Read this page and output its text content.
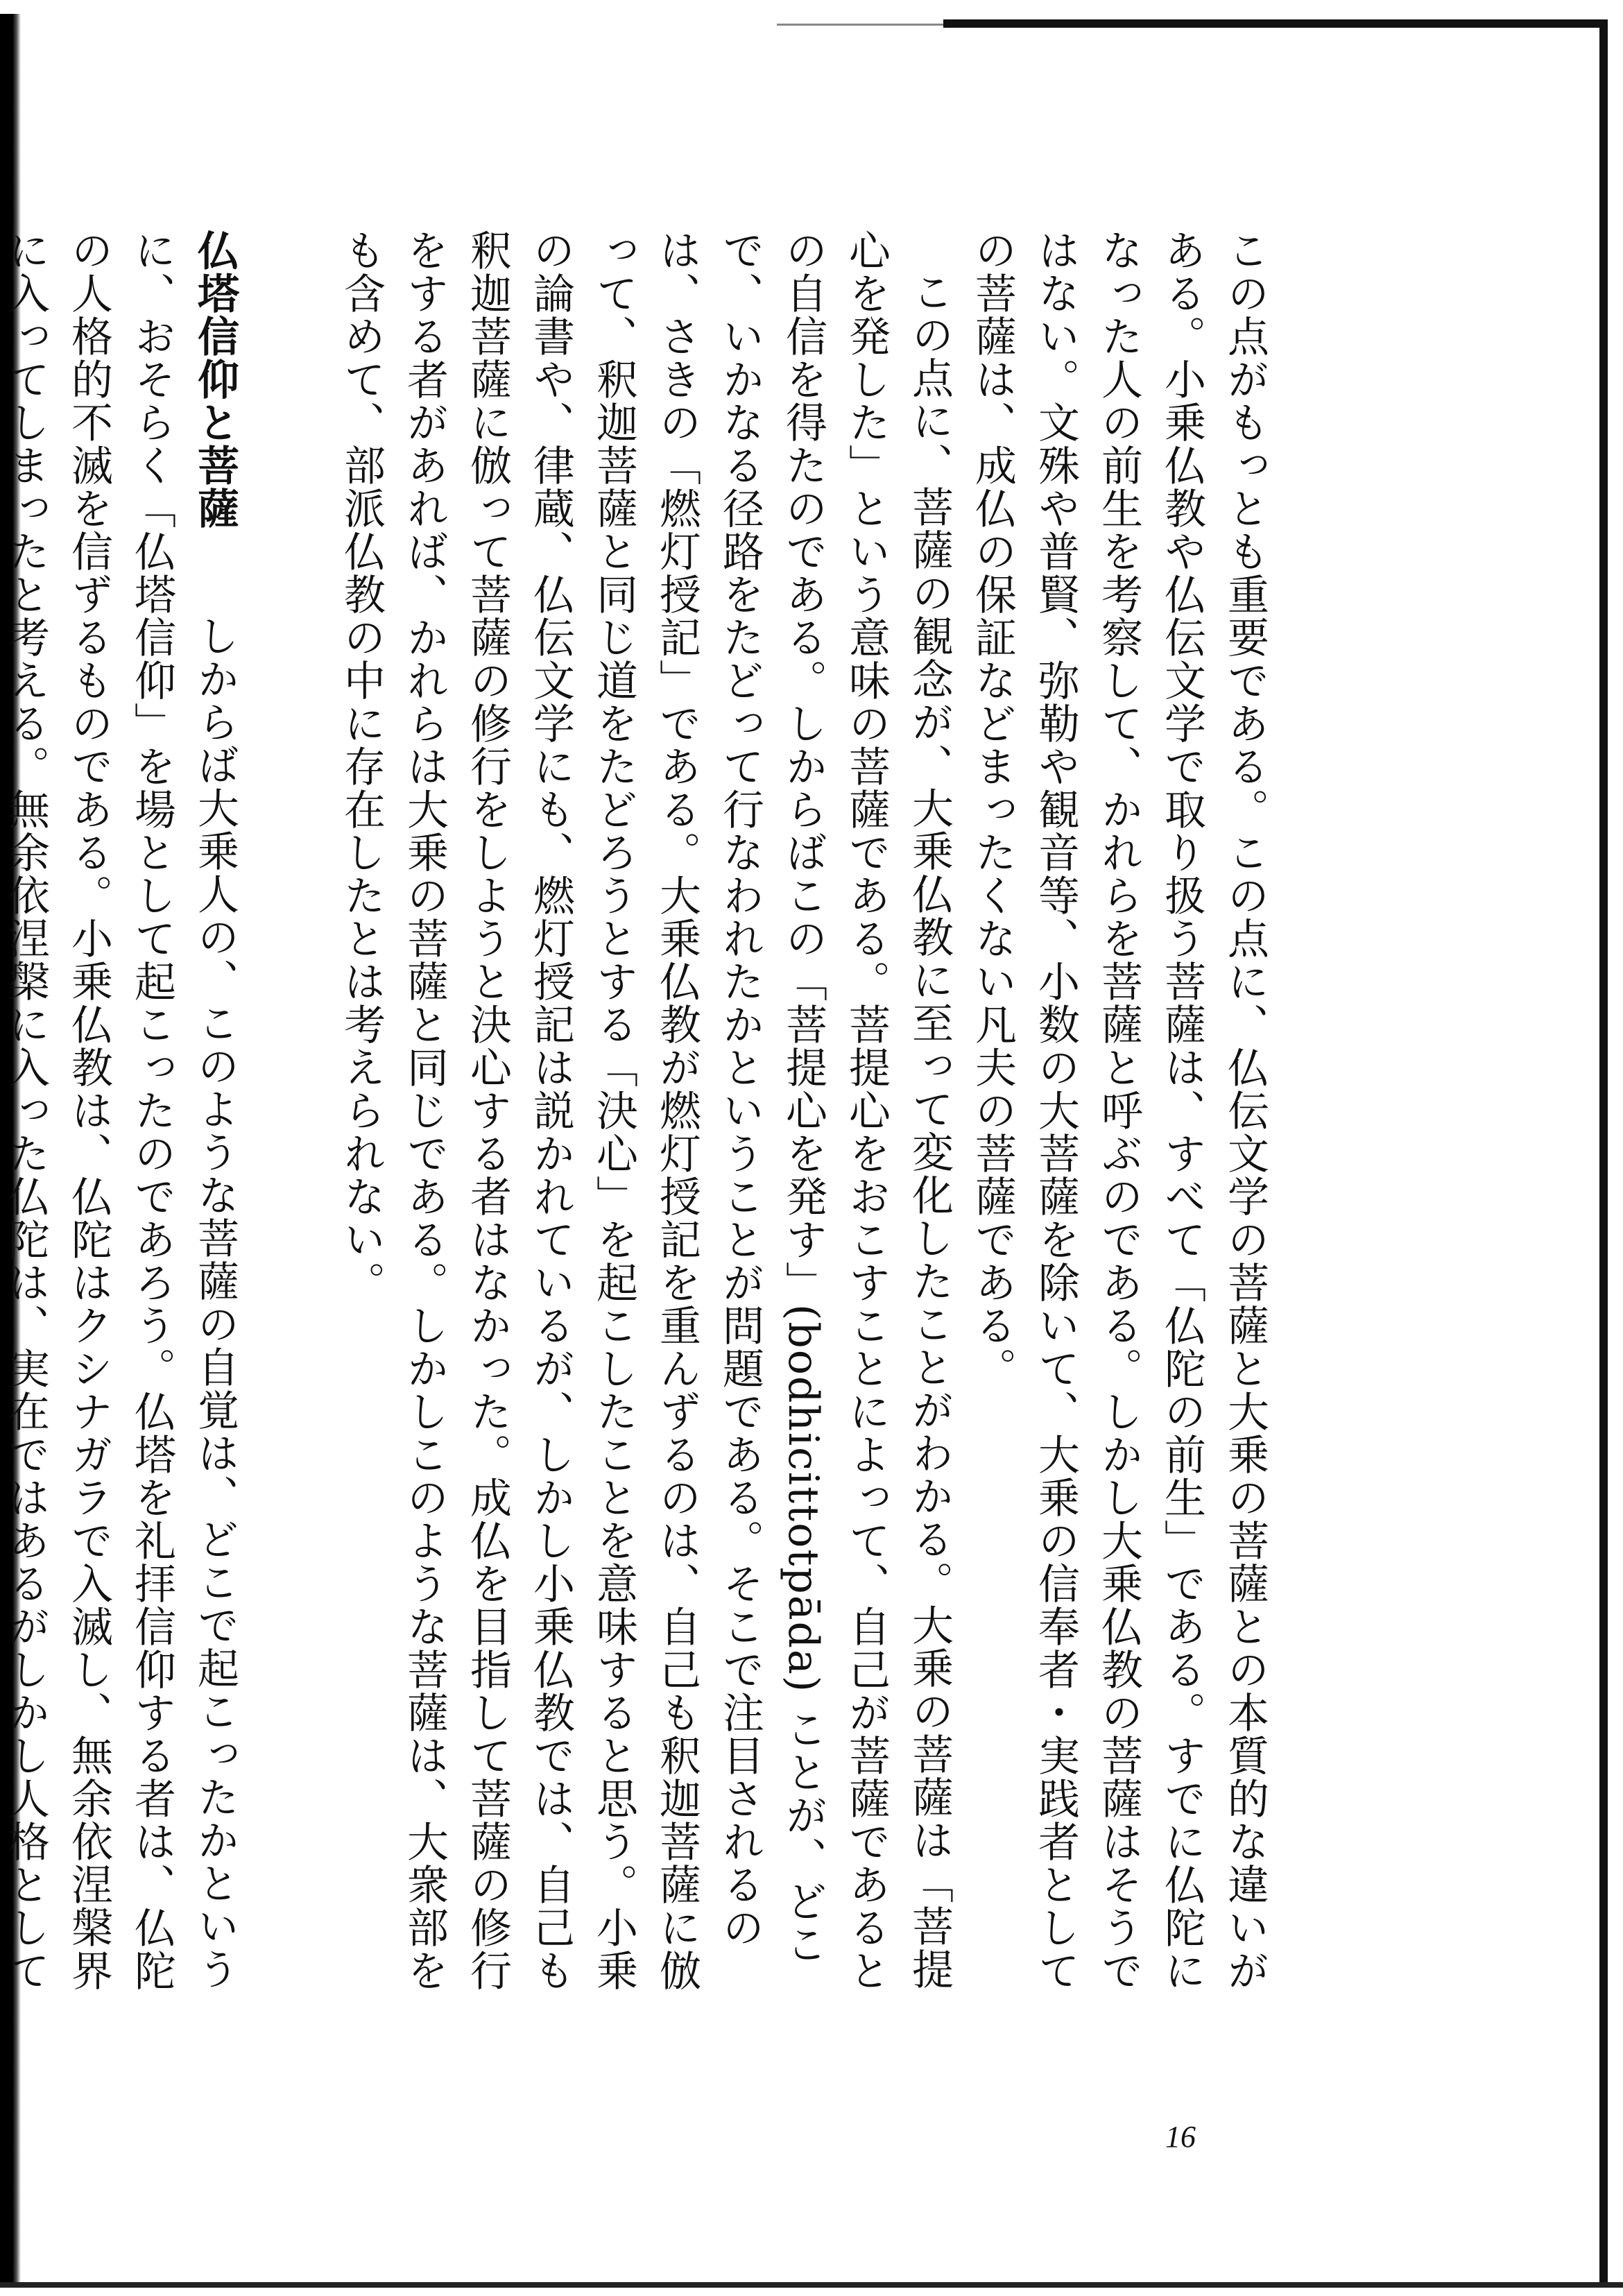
この点がもっとも重要である。この点に、仏伝文学の菩薩と大乗の菩薩との本質的な違いがある。小乗仏教や仏伝文学で取り扱う菩薩は、すべて「仏陀の前生」である。すでに仏陀になった人の前生を考察して、かれらを菩薩と呼ぶのである。しかし大乗仏教の菩薩はそうではない。文殊や普賢、弥勒や観音等、小数の大菩薩を除いて、大乗の信奉者・実践者としての菩薩は、成仏の保証などまったくない凡夫の菩薩である。

この点に、菩薩の観念が、大乗仏教に至って変化したことがわかる。大乗の菩薩は「菩提心を発した」という意味の菩薩である。菩提心をおこすことによって、自己が菩薩であるとの自信を得たのである。しからばこの「菩提心を発す」(bodhicittotpāda) ことが、どこで、いかなる径路をたどって行なわれたかということが問題である。そこで注目されるのは、さきの「燃灯授記」である。大乗仏教が燃灯授記を重んずるのは、自己も釈迦菩薩に倣って、釈迦菩薩と同じ道をたどろうとする「決心」を起こしたことを意味すると思う。小乗の論書や、律蔵、仏伝文学にも、燃灯授記は説かれているが、しかし小乗仏教では、自己も釈迦菩薩に倣って菩薩の修行をしようと決心する者はなかった。成仏を目指して菩薩の修行をする者があれば、かれらは大乗の菩薩と同じである。しかしこのような菩薩は、大衆部をも含めて、部派仏教の中に存在したとは考えられない。

仏塔信仰と菩薩　しからば大乗人の、このような菩薩の自覚は、どこで起こったかというに、おそらく「仏塔信仰」を場として起こったのであろう。仏塔を礼拝信仰する者は、仏陀の人格的不滅を信ずるものである。小乗仏教は、仏陀はクシナガラで入滅し、無余依涅槃界に入ってしまったと考える。無余依涅槃に入った仏陀は、実在ではあるがしかし人格として

16
